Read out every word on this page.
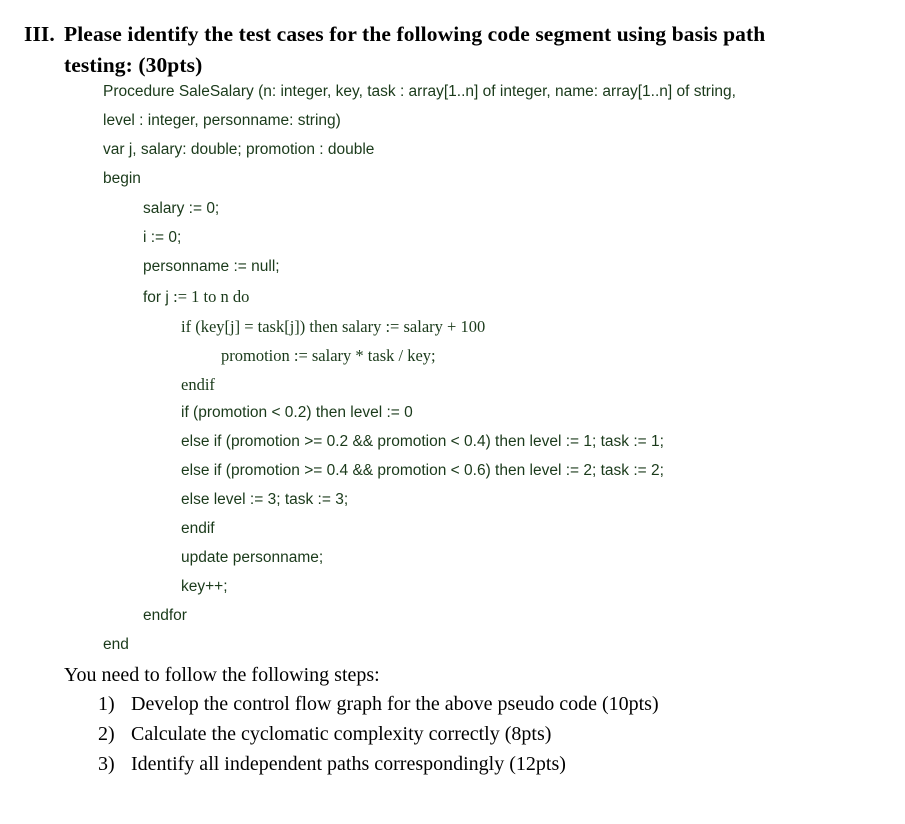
III. Please identify the test cases for the following code segment using basis path
testing: (30pts)
Procedure SaleSalary (n: integer, key, task : array[1..n] of integer, name: array[1..n] of string,
level : integer, personname: string)
var j, salary: double; promotion : double
begin
salary := 0;
i := 0;
personname := null;
for j := 1 to n do
if (key[j] = task[j]) then salary := salary + 100
promotion := salary * task / key;
endif
if (promotion < 0.2) then level := 0
else if (promotion >= 0.2 && promotion < 0.4) then level := 1; task := 1;
else if (promotion >= 0.4 && promotion < 0.6) then level := 2; task := 2;
else level := 3; task := 3;
endif
update personname;
key++;
endfor
end
You need to follow the following steps:
1) Develop the control flow graph for the above pseudo code (10pts)
2) Calculate the cyclomatic complexity correctly (8pts)
3) Identify all independent paths correspondingly (12pts)
